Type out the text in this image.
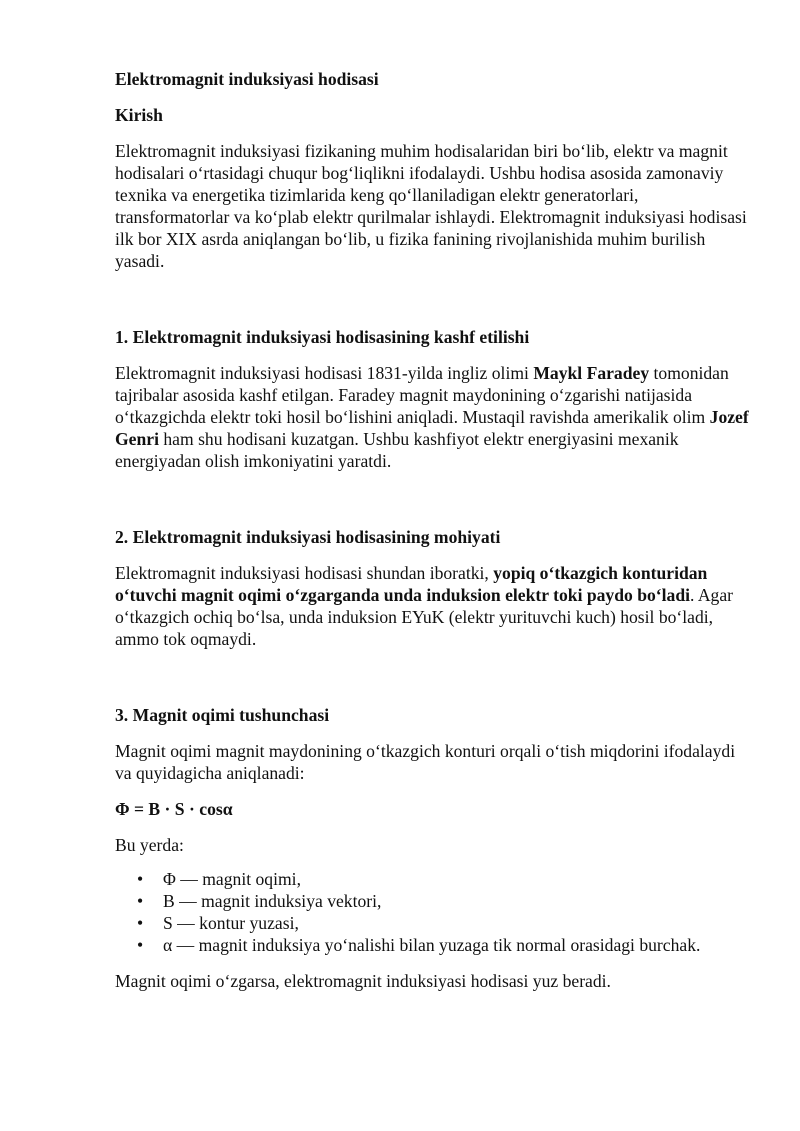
Elektromagnit induksiyasi hodisasi

Kirish

Elektromagnit induksiyasi fizikaning muhim hodisalaridan biri bo‘lib, elektr va magnit hodisalari o‘rtasidagi chuqur bog‘liqlikni ifodalaydi. Ushbu hodisa asosida zamonaviy texnika va energetika tizimlarida keng qo‘llaniladigan elektr generatorlari, transformatorlar va ko‘plab elektr qurilmalar ishlaydi. Elektromagnit induksiyasi hodisasi ilk bor XIX asrda aniqlangan bo‘lib, u fizika fanining rivojlanishida muhim burilish yasadi.

1. Elektromagnit induksiyasi hodisasining kashf etilishi

Elektromagnit induksiyasi hodisasi 1831-yilda ingliz olimi Maykl Faradey tomonidan tajribalar asosida kashf etilgan. Faradey magnit maydonining o‘zgarishi natijasida o‘tkazgichda elektr toki hosil bo‘lishini aniqladi. Mustaqil ravishda amerikalik olim Jozef Genri ham shu hodisani kuzatgan. Ushbu kashfiyot elektr energiyasini mexanik energiyadan olish imkoniyatini yaratdi.

2. Elektromagnit induksiyasi hodisasining mohiyati

Elektromagnit induksiyasi hodisasi shundan iboratki, yopiq o‘tkazgich konturidan o‘tuvchi magnit oqimi o‘zgarganda unda induksion elektr toki paydo bo‘ladi. Agar o‘tkazgich ochiq bo‘lsa, unda induksion EYuK (elektr yurituvchi kuch) hosil bo‘ladi, ammo tok oqmaydi.

3. Magnit oqimi tushunchasi

Magnit oqimi magnit maydonining o‘tkazgich konturi orqali o‘tish miqdorini ifodalaydi va quyidagicha aniqlanadi:

Φ = B · S · cosα

Bu yerda:

• Φ — magnit oqimi,
• B — magnit induksiya vektori,
• S — kontur yuzasi,
• α — magnit induksiya yo‘nalishi bilan yuzaga tik normal orasidagi burchak.

Magnit oqimi o‘zgarsa, elektromagnit induksiyasi hodisasi yuz beradi.
